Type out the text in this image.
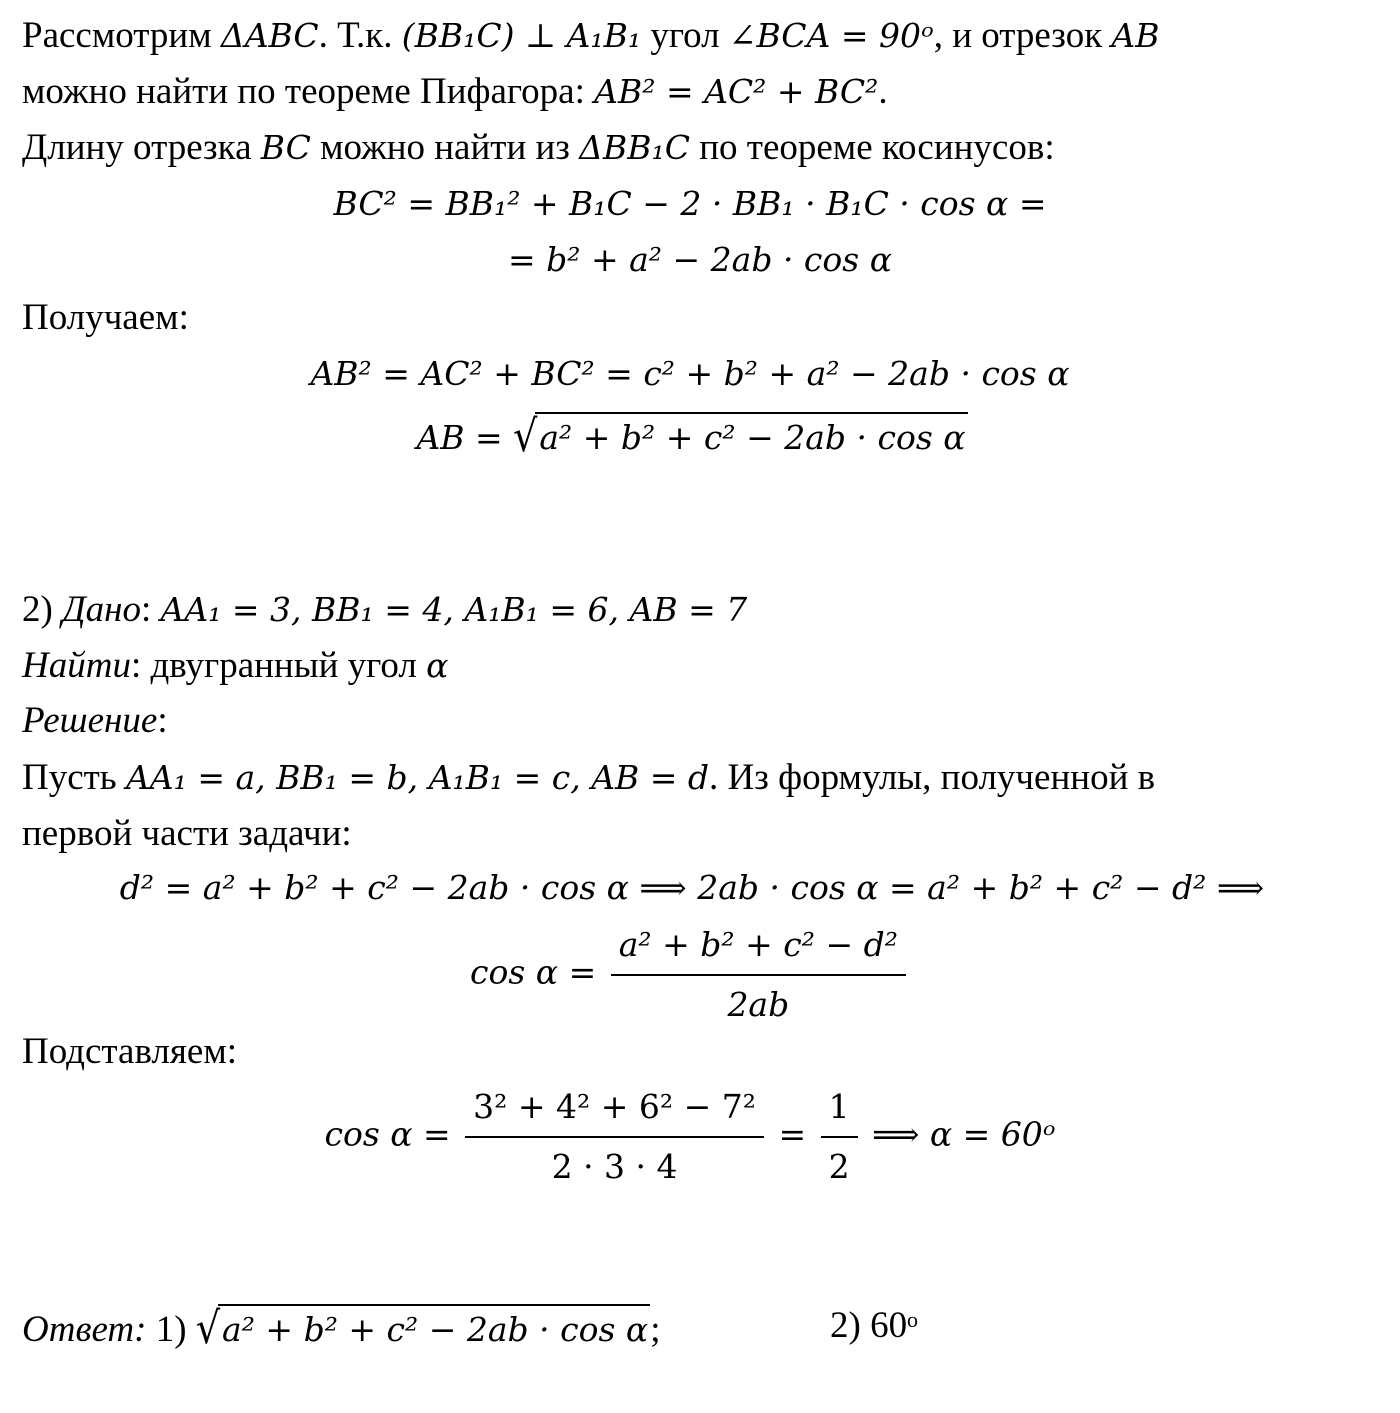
Рассмотрим ΔABC. Т.к. (BB₁C) ⊥ A₁B₁ угол ∠BCA = 90ᵒ, и отрезок AB
можно найти по теореме Пифагора: AB² = AC² + BC².
Длину отрезка BC можно найти из ΔBB₁C по теореме косинусов:
BC² = BB₁² + B₁C − 2 · BB₁ · B₁C · cos α =
= b² + a² − 2ab · cos α
Получаем:
AB² = AC² + BC² = c² + b² + a² − 2ab · cos α
AB = √a² + b² + c² − 2ab · cos α
2) Дано: AA₁ = 3, BB₁ = 4, A₁B₁ = 6, AB = 7
Найти: двугранный угол α
Решение:
Пусть AA₁ = a, BB₁ = b, A₁B₁ = c, AB = d. Из формулы, полученной в
первой части задачи:
d² = a² + b² + c² − 2ab · cos α ⟹ 2ab · cos α = a² + b² + c² − d² ⟹
$\cos \alpha = \frac{\text{a² + b² + c² − d²}}{2ab}$
Подставляем:
$\cos \alpha = \frac{\text{3² + 4² + 6² − 7²}}{2 \cdot 3 \cdot 4} = \frac{1}{2}$ ⟹ α = 60ᵒ
Ответ: 1) √a² + b² + c² − 2ab · cos α;	2) 60ᵒ
